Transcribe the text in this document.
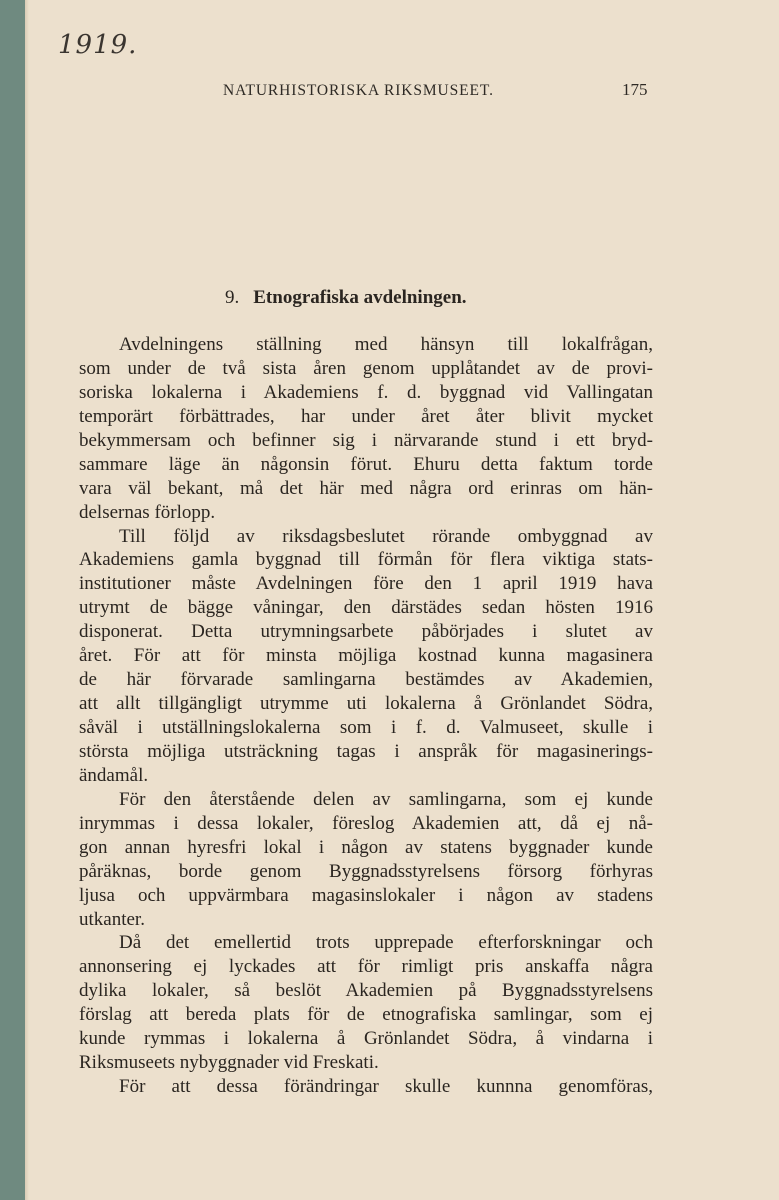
1919.
NATURHISTORISKA RIKSMUSEET.	175
9. Etnografiska avdelningen.
Avdelningens ställning med hänsyn till lokalfrågan,
som under de två sista åren genom upplåtandet av de provi-
soriska lokalerna i Akademiens f. d. byggnad vid Vallingatan
temporärt förbättrades, har under året åter blivit mycket
bekymmersam och befinner sig i närvarande stund i ett bryd-
sammare läge än någonsin förut. Ehuru detta faktum torde
vara väl bekant, må det här med några ord erinras om hän-
delsernas förlopp.
Till följd av riksdagsbeslutet rörande ombyggnad av
Akademiens gamla byggnad till förmån för flera viktiga stats-
institutioner måste Avdelningen före den 1 april 1919 hava
utrymt de bägge våningar, den därstädes sedan hösten 1916
disponerat. Detta utrymningsarbete påbörjades i slutet av
året. För att för minsta möjliga kostnad kunna magasinera
de här förvarade samlingarna bestämdes av Akademien,
att allt tillgängligt utrymme uti lokalerna å Grönlandet Södra,
såväl i utställningslokalerna som i f. d. Valmuseet, skulle i
största möjliga utsträckning tagas i anspråk för magasinerings-
ändamål.
För den återstående delen av samlingarna, som ej kunde
inrymmas i dessa lokaler, föreslog Akademien att, då ej nå-
gon annan hyresfri lokal i någon av statens byggnader kunde
påräknas, borde genom Byggnadsstyrelsens försorg förhyras
ljusa och uppvärmbara magasinslokaler i någon av stadens
utkanter.
Då det emellertid trots upprepade efterforskningar och
annonsering ej lyckades att för rimligt pris anskaffa några
dylika lokaler, så beslöt Akademien på Byggnadsstyrelsens
förslag att bereda plats för de etnografiska samlingar, som ej
kunde rymmas i lokalerna å Grönlandet Södra, å vindarna i
Riksmuseets nybyggnader vid Freskati.
För att dessa förändringar skulle kunnna genomföras,
